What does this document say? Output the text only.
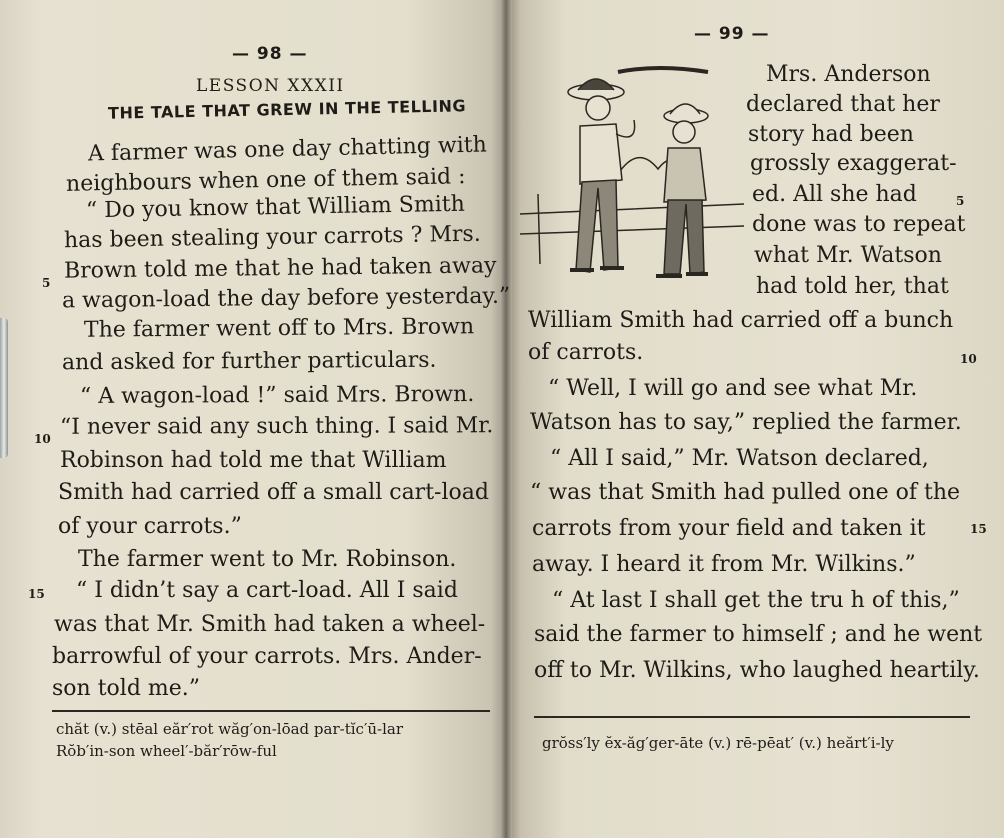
— 98 —
LESSON XXXII
THE TALE THAT GREW IN THE TELLING
A farmer was one day chatting with
neighbours when one of them said :
“ Do you know that William Smith
has been stealing your carrots ? Mrs.
Brown told me that he had taken away
a wagon-load the day before yesterday.”
The farmer went off to Mrs. Brown
and asked for further particulars.
“ A wagon-load !” said Mrs. Brown.
“I never said any such thing. I said Mr.
Robinson had told me that William
Smith had carried off a small cart-load
of your carrots.”
The farmer went to Mr. Robinson.
“ I didn’t say a cart-load. All I said
was that Mr. Smith had taken a wheel-
barrowful of your carrots. Mrs. Ander-
son told me.”
5
10
15
chăt (v.) stēal eăr′rot wăg′on-lōad par-tĭc′ū-lar
Rŏb′in-son wheel′-băr′rōw-ful
— 99 —
Mrs. Anderson
declared that her
story had been
grossly exaggerat-
ed. All she had
done was to repeat
what Mr. Watson
had told her, that
William Smith had carried off a bunch
of carrots.
“ Well, I will go and see what Mr.
Watson has to say,” replied the farmer.
“ All I said,” Mr. Watson declared,
“ was that Smith had pulled one of the
carrots from your field and taken it
away. I heard it from Mr. Wilkins.”
“ At last I shall get the tru h of this,”
said the farmer to himself ; and he went
off to Mr. Wilkins, who laughed heartily.
5
10
15
grŏss′ly ĕx-ăg′ger-āte (v.) rē-pēat′ (v.) heărt′i-ly
